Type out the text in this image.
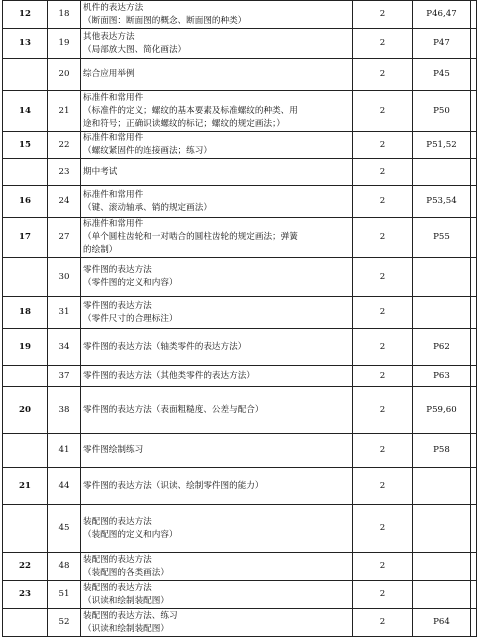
12	18	机件的表达方法
（断面图：断面图的概念、断面图的种类）	2	P46,47	
13	19	其他表达方法
（局部放大图、简化画法）	2	P47	
	20	综合应用举例	2	P45	
14	21	标准件和常用件
（标准件的定义；螺纹的基本要素及标准螺纹的种类、用
途和符号；正确识读螺纹的标记；螺纹的规定画法；）	2	P50	
15	22	标准件和常用件
（螺纹紧固件的连接画法；练习）	2	P51,52	
	23	期中考试	2		
16	24	标准件和常用件
（键、滚动轴承、销的规定画法）	2	P53,54	
17	27	标准件和常用件
（单个圆柱齿轮和一对啮合的圆柱齿轮的规定画法；弹簧
的绘制）	2	P55	
	30	零件图的表达方法
（零件图的定义和内容）	2		
18	31	零件图的表达方法
（零件尺寸的合理标注）	2		
19	34	零件图的表达方法（轴类零件的表达方法）	2	P62	
	37	零件图的表达方法（其他类零件的表达方法）	2	P63	
20	38	零件图的表达方法（表面粗糙度、公差与配合）	2	P59,60	
	41	零件图绘制练习	2	P58	
21	44	零件图的表达方法（识读、绘制零件图的能力）	2		
	45	装配图的表达方法
（装配图的定义和内容）	2		
22	48	装配图的表达方法
（装配图的各类画法）	2		
23	51	装配图的表达方法
（识读和绘制装配图）	2		
	52	装配图的表达方法、练习
（识读和绘制装配图）	2	P64	
